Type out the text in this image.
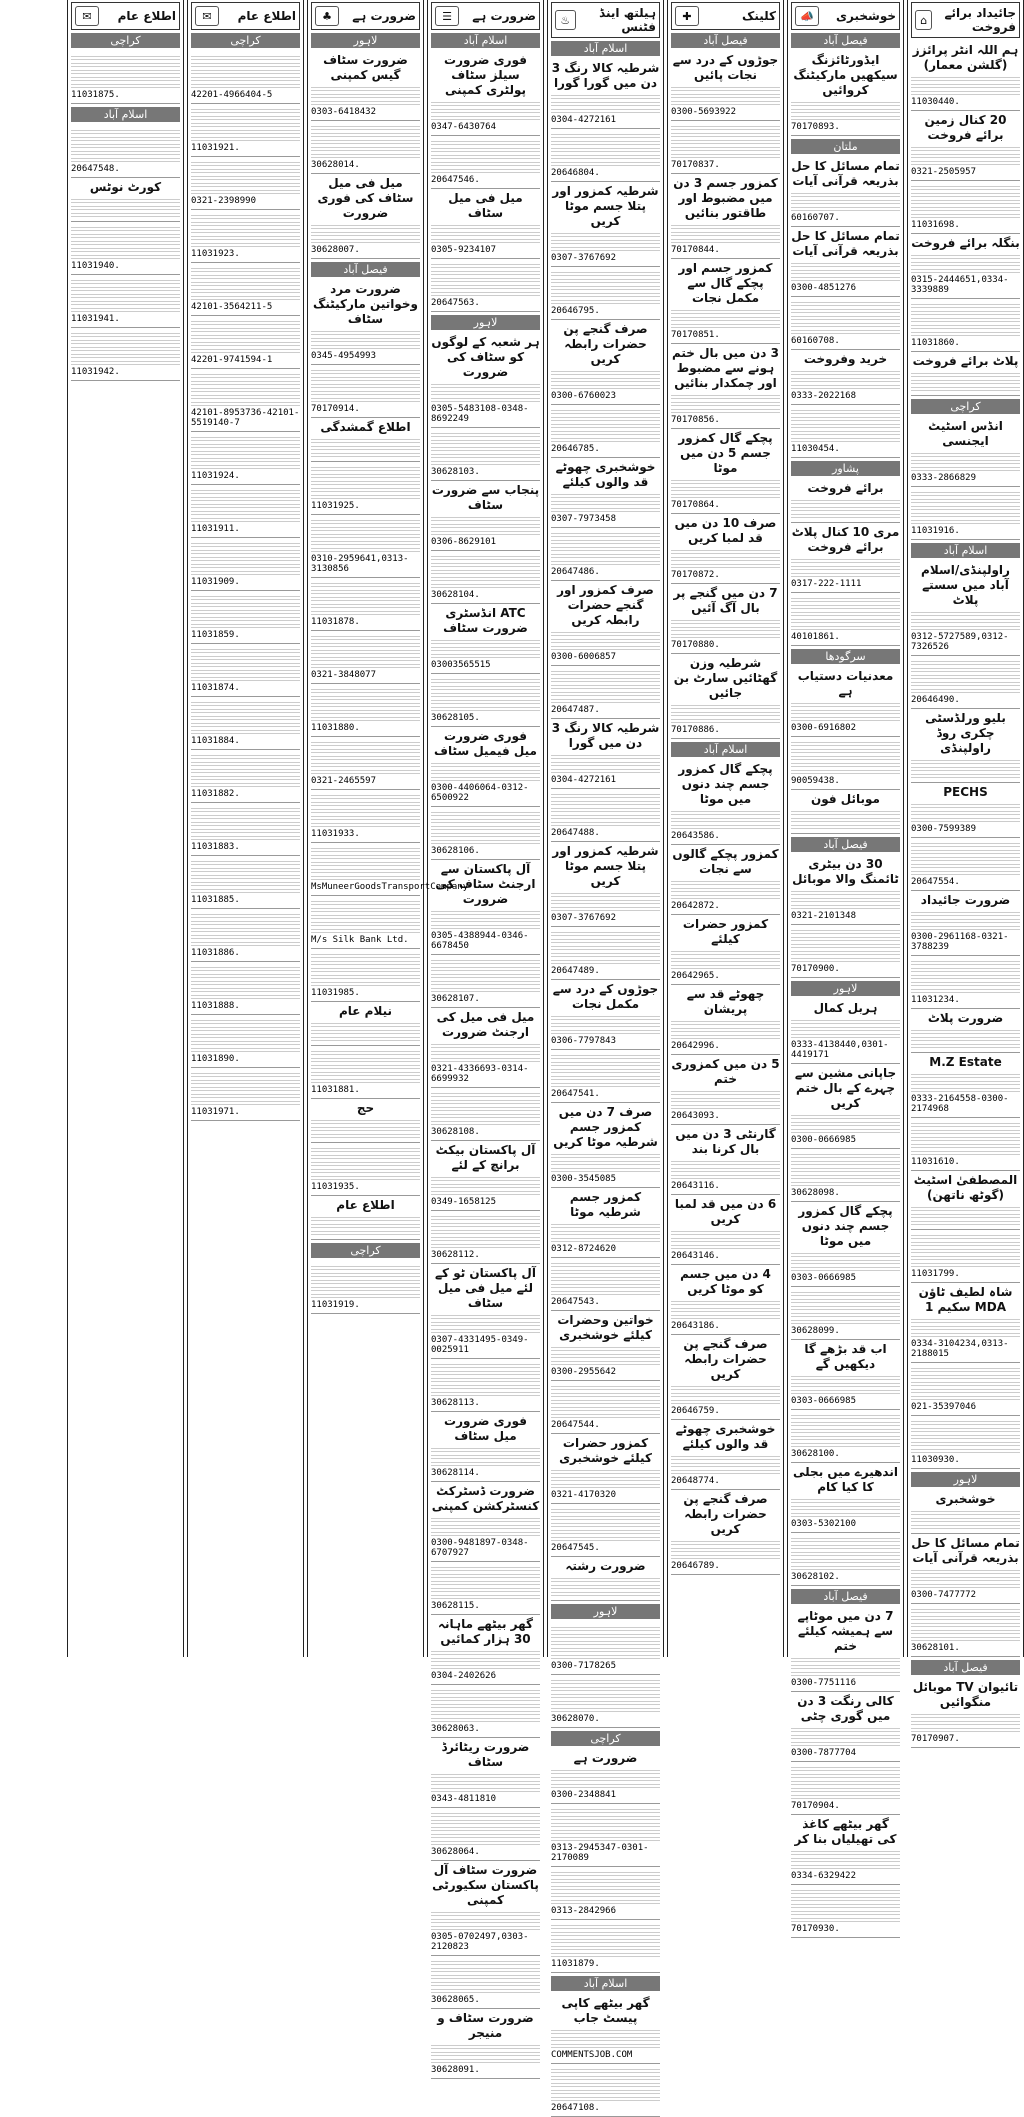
جائیداد برائے فروخت
⌂
ہم اللہ انٹر پرائزز (گلشن معمار)
11030440.
20 کنال زمین برائے فروخت
0321-2505957
11031698.
بنگلہ برائے فروخت
0315-2444651,0334-3339889
11031860.
پلاٹ برائے فروخت
کراچی
انڈس اسٹیٹ ایجنسی
0333-2866829
11031916.
اسلام آباد
راولپنڈی/اسلام آباد میں سستے پلاٹ
0312-5727589,0312-7326526
20646490.
بلیو ورلڈسٹی چکری روڈ راولپنڈی
PECHS
0300-7599389
20647554.
ضرورت جائیداد
0300-2961168-0321-3788239
11031234.
ضرورت پلاٹ
M.Z Estate
0333-2164558-0300-2174968
11031610.
المصطفیٰ اسٹیٹ (گوٹھ ناتھن)
11031799.
شاہ لطیف ٹاؤن MDA سکیم 1
0334-3104234,0313-2188015
021-35397046
11030930.
لاہور
خوشخبری
تمام مسائل کا حل بذریعہ قرآنی آیات
0300-7477772
30628101.
فیصل آباد
تائیوان TV موبائل منگوائیں
70170907.
خوشخبری
📣
فیصل آباد
ایڈورٹائزنگ سیکھیں مارکیٹنگ کروائیں
70170893.
ملتان
تمام مسائل کا حل بذریعہ قرآنی آیات
60160707.
تمام مسائل کا حل بذریعہ قرآنی آیات
0300-4851276
60160708.
خرید وفروخت
0333-2022168
11030454.
پشاور
برائے فروخت
مری 10 کنال پلاٹ برائے فروخت
0317-222-1111
40101861.
سرگودھا
معدنیات دستیاب ہے
0300-6916802
90059438.
موبائل فون
فیصل آباد
30 دن بیٹری ٹائمنگ والا موبائل
0321-2101348
70170900.
لاہور
ہربل کمال
0333-4138440,0301-4419171
جاپانی مشین سے چہرے کے بال ختم کریں
0300-0666985
30628098.
پچکے گال کمزور جسم چند دنوں میں موٹا
0303-0666985
30628099.
اب قد بڑھے گا دیکھیں گے
0303-0666985
30628100.
اندھیرے میں بجلی کا کیا کام
0303-5302100
30628102.
فیصل آباد
7 دن میں موٹاپے سے ہمیشہ کیلئے ختم
0300-7751116
کالی رنگت 3 دن میں گوری چٹی
0300-7877704
70170904.
گھر بیٹھے کاغذ کی تھیلیاں بنا کر
0334-6329422
70170930.
کلینک
✚
فیصل آباد
جوڑوں کے درد سے نجات پائیں
0300-5693922
70170837.
کمزور جسم 3 دن میں مضبوط اور طاقتور بنائیں
70170844.
کمزور جسم اور پچکے گال سے مکمل نجات
70170851.
3 دن میں بال ختم ہونے سے مضبوط اور چمکدار بنائیں
70170856.
پچکے گال کمزور جسم 5 دن میں موٹا
70170864.
صرف 10 دن میں قد لمبا کریں
70170872.
7 دن میں گنجے پر بال آگ آئیں
70170880.
شرطیہ وزن گھٹائیں سارٹ بن جائیں
70170886.
اسلام آباد
پچکے گال کمزور جسم چند دنوں میں موٹا
20643586.
کمزور پچکے گالوں سے نجات
20642872.
کمزور حضرات کیلئے
20642965.
چھوٹے قد سے پریشان
20642996.
5 دن میں کمزوری ختم
20643093.
گارنٹی 3 دن میں بال کرنا بند
20643116.
6 دن میں قد لمبا کریں
20643146.
4 دن میں جسم کو موٹا کریں
20643186.
صرف گنجے پن حضرات رابطہ کریں
20646759.
خوشخبری چھوٹے قد والوں کیلئے
20648774.
صرف گنجے پن حضرات رابطہ کریں
20646789.
ہیلتھ اینڈ فٹنس
♨
اسلام آباد
شرطیہ کالا رنگ 3 دن میں گورا گورا
0304-4272161
20646804.
شرطیہ کمزور اور پتلا جسم موٹا کریں
0307-3767692
20646795.
صرف گنجے پن حضرات رابطہ کریں
0300-6760023
20646785.
خوشخبری چھوٹے قد والوں کیلئے
0307-7973458
20647486.
صرف کمزور اور گنجے حضرات رابطہ کریں
0300-6006857
20647487.
شرطیہ کالا رنگ 3 دن میں گورا
0304-4272161
20647488.
شرطیہ کمزور اور پتلا جسم موٹا کریں
0307-3767692
20647489.
جوڑوں کے درد سے مکمل نجات
0306-7797843
20647541.
صرف 7 دن میں کمزور جسم شرطیہ موٹا کریں
0300-3545085
کمزور جسم شرطیہ موٹا
0312-8724620
20647543.
خواتین وحضرات کیلئے خوشخبری
0300-2955642
20647544.
کمزور حضرات کیلئے خوشخبری
0321-4170320
20647545.
ضرورت رشتہ
لاہور
0300-7178265
30628070.
کراچی
ضرورت ہے
0300-2348841
0313-2945347-0301-2170089
0313-2842966
11031879.
اسلام آباد
گھر بیٹھے کاپی پیسٹ جاب
COMMENTSJOB.COM
20647108.
ضرورت ہے
☰
اسلام آباد
فوری ضرورت سیلز سٹاف پولٹری کمپنی
0347-6430764
20647546.
میل فی میل سٹاف
0305-9234107
20647563.
لاہور
ہر شعبہ کے لوگوں کو سٹاف کی ضرورت
0305-5483108-0348-8692249
30628103.
پنجاب سے ضرورت سٹاف
0306-8629101
30628104.
ATC انڈسٹری ضرورت سٹاف
03003565515
30628105.
فوری ضرورت میل فیمیل سٹاف
0300-4406064-0312-6500922
30628106.
آل پاکستان سے ارجنٹ سٹاف کی ضرورت
0305-4388944-0346-6678450
30628107.
میل فی میل کی ارجنٹ ضرورت
0321-4336693-0314-6699932
30628108.
آل پاکستان بیکٹ برانچ کے لئے
0349-1658125
30628112.
آل پاکستان ٹو کے لئے میل فی میل سٹاف
0307-4331495-0349-0025911
30628113.
فوری ضرورت میل سٹاف
30628114.
ضرورت ڈسٹرکٹ کنسٹرکشن کمپنی
0300-9481897-0348-6707927
30628115.
گھر بیٹھے ماہانہ 30 ہزار کمائیں
0304-2402626
30628063.
ضرورت ریٹائرڈ سٹاف
0343-4811810
30628064.
ضرورت سٹاف آل پاکستان سکیورٹی کمپنی
0305-0702497,0303-2120823
30628065.
ضرورت سٹاف و منیجر
30628091.
ضرورت ہے
♣
لاہور
ضرورت سٹاف گیس کمپنی
0303-6418432
30628014.
میل فی میل سٹاف کی فوری ضرورت
30628007.
فیصل آباد
ضرورت مرد وخواتین مارکیٹنگ سٹاف
0345-4954993
70170914.
اطلاع گمشدگی
11031925.
0310-2959641,0313-3130856
11031878.
0321-3848077
11031880.
0321-2465597
11031933.
MsMuneerGoodsTransportCompany
M/s Silk Bank Ltd.
11031985.
نیلام عام
11031881.
حج
11031935.
اطلاع عام
کراچی
11031919.
اطلاع عام
✉
کراچی
42201-4966404-5
11031921.
0321-2398990
11031923.
42101-3564211-5
42201-9741594-1
42101-8953736-42101-5519140-7
11031924.
11031911.
11031909.
11031859.
11031874.
11031884.
11031882.
11031883.
11031885.
11031886.
11031888.
11031890.
11031971.
اطلاع عام
✉
کراچی
11031875.
اسلام آباد
20647548.
کورٹ نوٹس
11031940.
11031941.
11031942.
